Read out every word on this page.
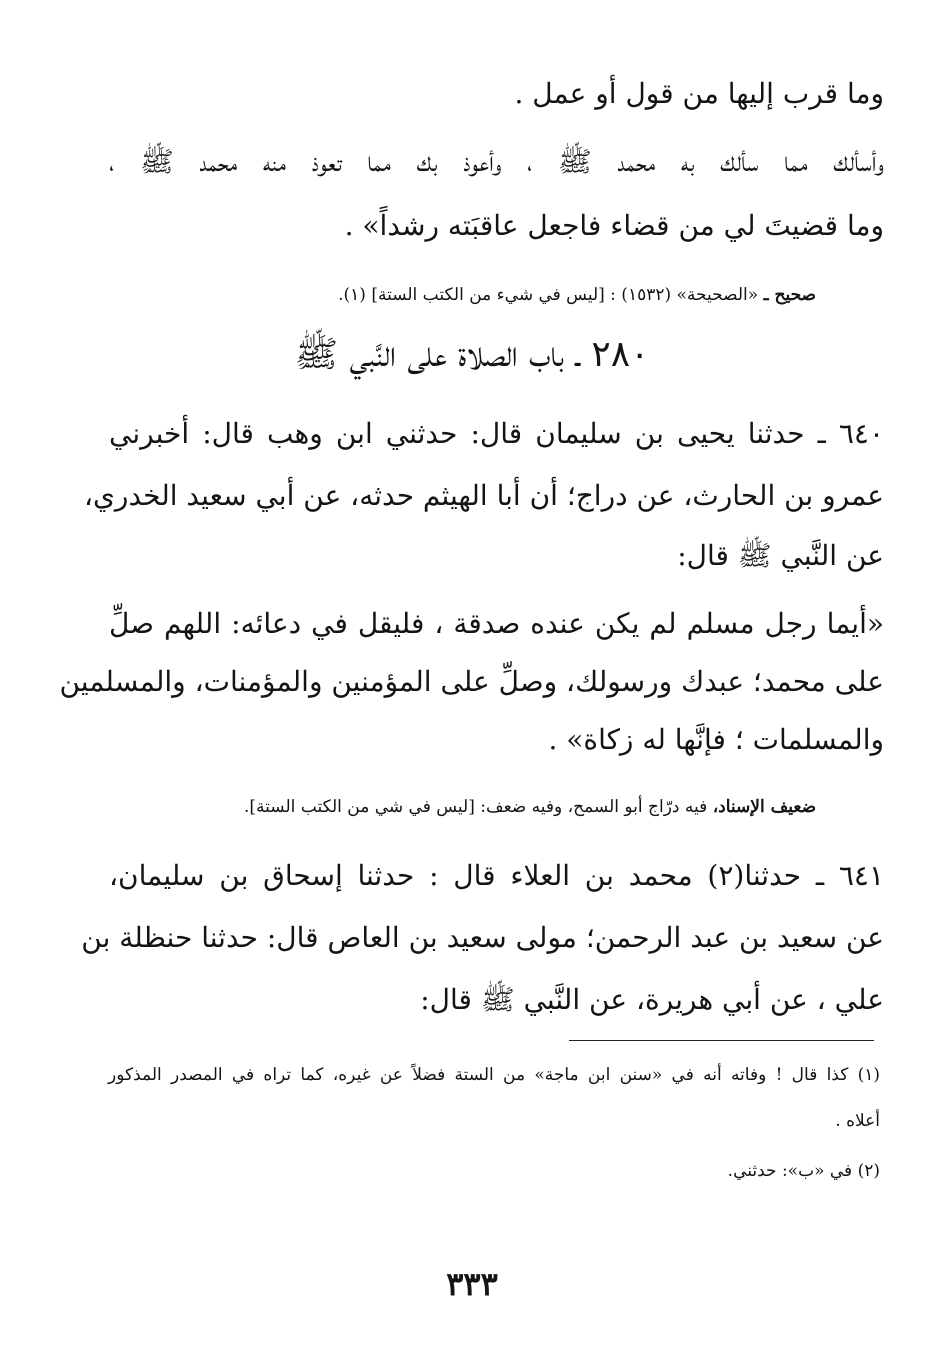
وما قرب إليها من قول أو عمل .
وأسألك مما سألك به محمد ﷺ ، وأعوذ بك مما تعوذ منه محمد ﷺ ،
وما قضيتَ لي من قضاء فاجعل عاقبَته رشداً» .
صحيح ـ «الصحيحة» (١٥٣٢) : [ليس في شيء من الكتب الستة] (١).
٢٨٠ ـ باب الصلاة على النَّبي ﷺ
٦٤٠ ـ حدثنا يحيى بن سليمان قال: حدثني ابن وهب قال: أخبرني
عمرو بن الحارث، عن دراج؛ أن أبا الهيثم حدثه، عن أبي سعيد الخدري،
عن النَّبي ﷺ قال:
«أيما رجل مسلم لم يكن عنده صدقة ، فليقل في دعائه: اللهم صلِّ
على محمد؛ عبدك ورسولك، وصلِّ على المؤمنين والمؤمنات، والمسلمين
والمسلمات ؛ فإنَّها له زكاة» .
ضعيف الإسناد، فيه درّاج أبو السمح، وفيه ضعف: [ليس في شي من الكتب الستة].
٦٤١ ـ حدثنا(٢) محمد بن العلاء قال : حدثنا إسحاق بن سليمان،
عن سعيد بن عبد الرحمن؛ مولى سعيد بن العاص قال: حدثنا حنظلة بن
علي ، عن أبي هريرة، عن النَّبي ﷺ قال:
(١) كذا قال ! وفاته أنه في «سنن ابن ماجة» من الستة فضلاً عن غيره، كما تراه في المصدر المذكور
أعلاه .
(٢) في «ب»: حدثني.
٣٣٣
